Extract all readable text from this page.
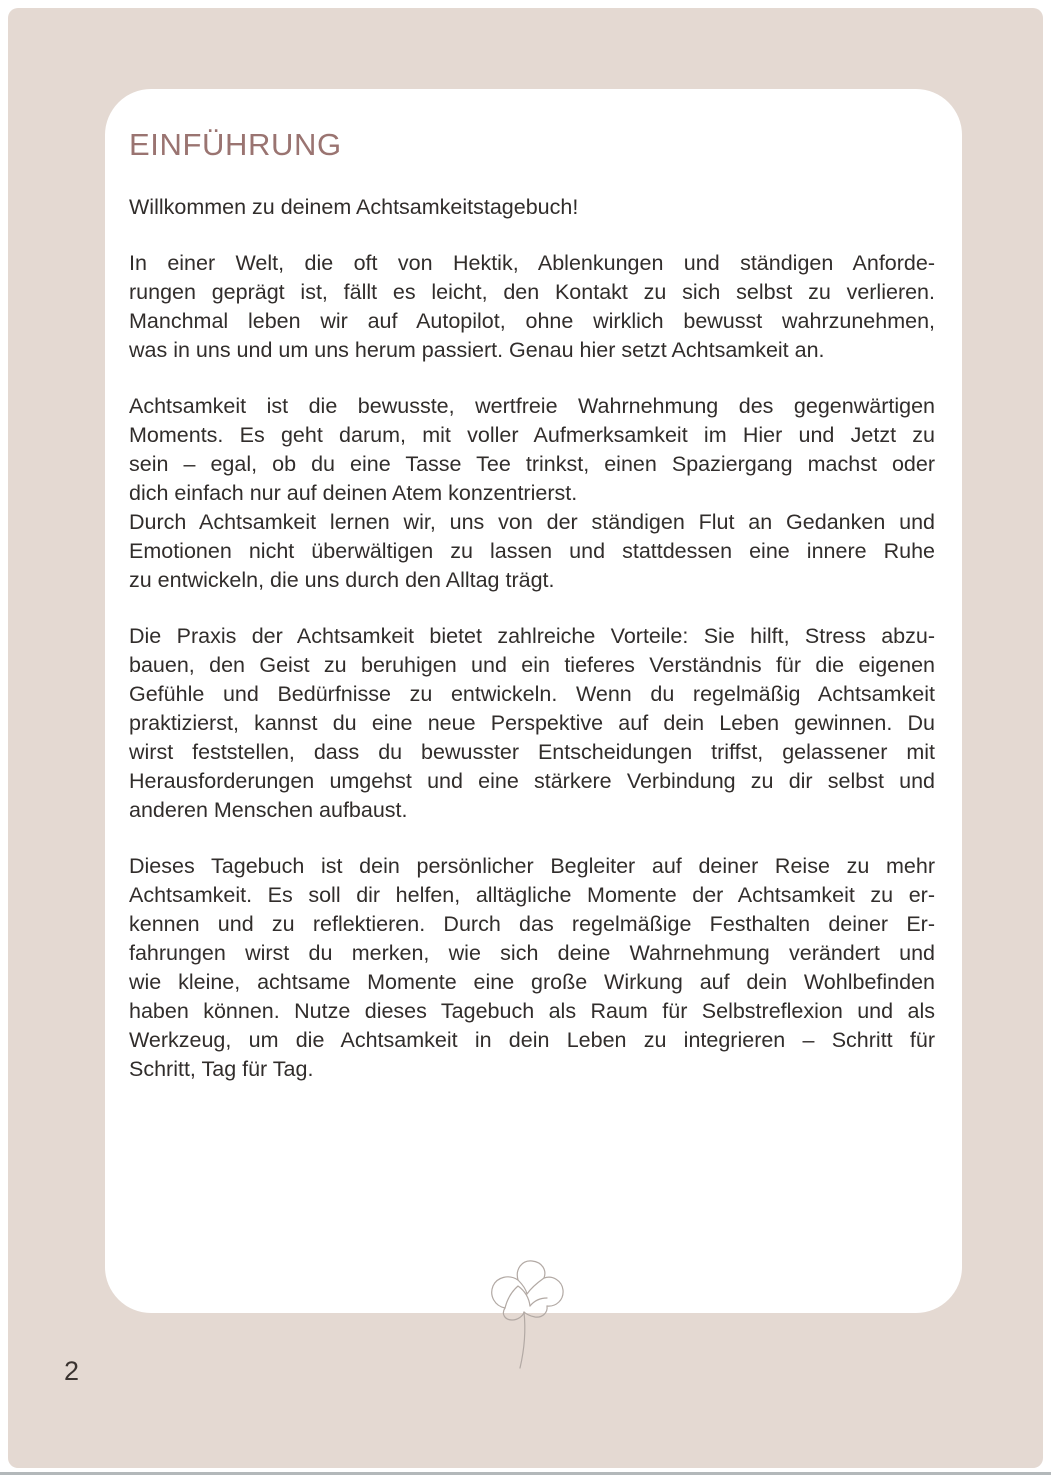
EINFÜHRUNG
Willkommen zu deinem Achtsamkeitstagebuch!
In einer Welt, die oft von Hektik, Ablenkungen und ständigen Anforde-
rungen geprägt ist, fällt es leicht, den Kontakt zu sich selbst zu verlieren.
Manchmal leben wir auf Autopilot, ohne wirklich bewusst wahrzunehmen,
was in uns und um uns herum passiert. Genau hier setzt Achtsamkeit an.
Achtsamkeit ist die bewusste, wertfreie Wahrnehmung des gegenwärtigen
Moments. Es geht darum, mit voller Aufmerksamkeit im Hier und Jetzt zu
sein – egal, ob du eine Tasse Tee trinkst, einen Spaziergang machst oder
dich einfach nur auf deinen Atem konzentrierst.
Durch Achtsamkeit lernen wir, uns von der ständigen Flut an Gedanken und
Emotionen nicht überwältigen zu lassen und stattdessen eine innere Ruhe
zu entwickeln, die uns durch den Alltag trägt.
Die Praxis der Achtsamkeit bietet zahlreiche Vorteile: Sie hilft, Stress abzu-
bauen, den Geist zu beruhigen und ein tieferes Verständnis für die eigenen
Gefühle und Bedürfnisse zu entwickeln. Wenn du regelmäßig Achtsamkeit
praktizierst, kannst du eine neue Perspektive auf dein Leben gewinnen. Du
wirst feststellen, dass du bewusster Entscheidungen triffst, gelassener mit
Herausforderungen umgehst und eine stärkere Verbindung zu dir selbst und
anderen Menschen aufbaust.
Dieses Tagebuch ist dein persönlicher Begleiter auf deiner Reise zu mehr
Achtsamkeit. Es soll dir helfen, alltägliche Momente der Achtsamkeit zu er-
kennen und zu reflektieren. Durch das regelmäßige Festhalten deiner Er-
fahrungen wirst du merken, wie sich deine Wahrnehmung verändert und
wie kleine, achtsame Momente eine große Wirkung auf dein Wohlbefinden
haben können. Nutze dieses Tagebuch als Raum für Selbstreflexion und als
Werkzeug, um die Achtsamkeit in dein Leben zu integrieren – Schritt für
Schritt, Tag für Tag.
2
